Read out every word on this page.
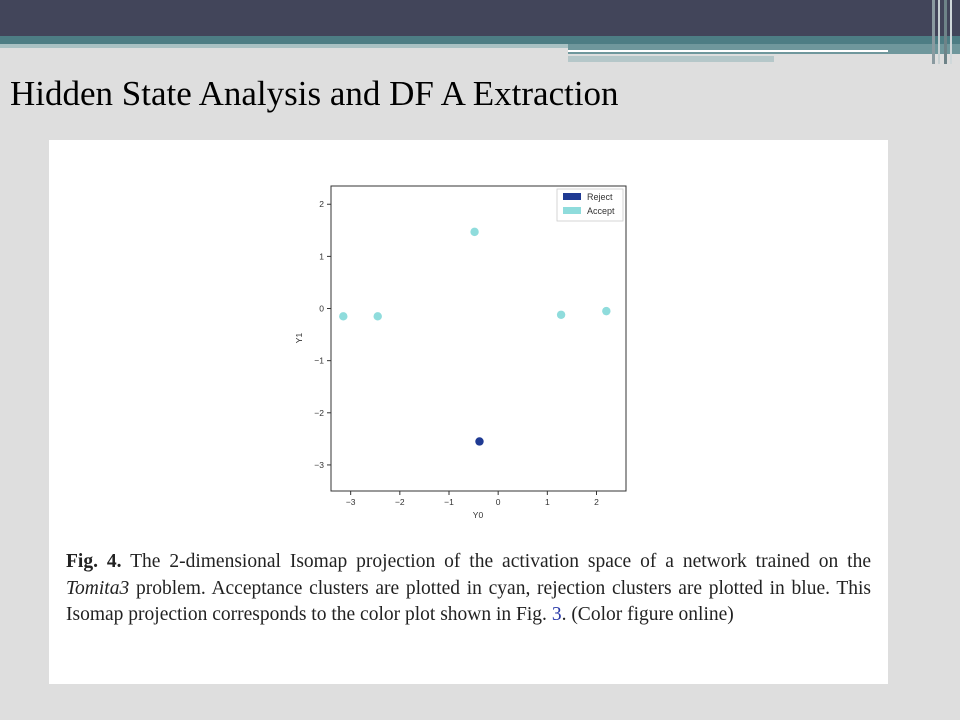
Hidden State Analysis and DF A Extraction
−3	−2	−1	0	1	2
2
1
0
−1
−2
−3
Y0
Y1
Reject
Accept
Fig. 4. The 2-dimensional Isomap projection of the activation space of a network trained on the Tomita3 problem. Acceptance clusters are plotted in cyan, rejection clusters are plotted in blue. This Isomap projection corresponds to the color plot shown in Fig. 3. (Color figure online)
